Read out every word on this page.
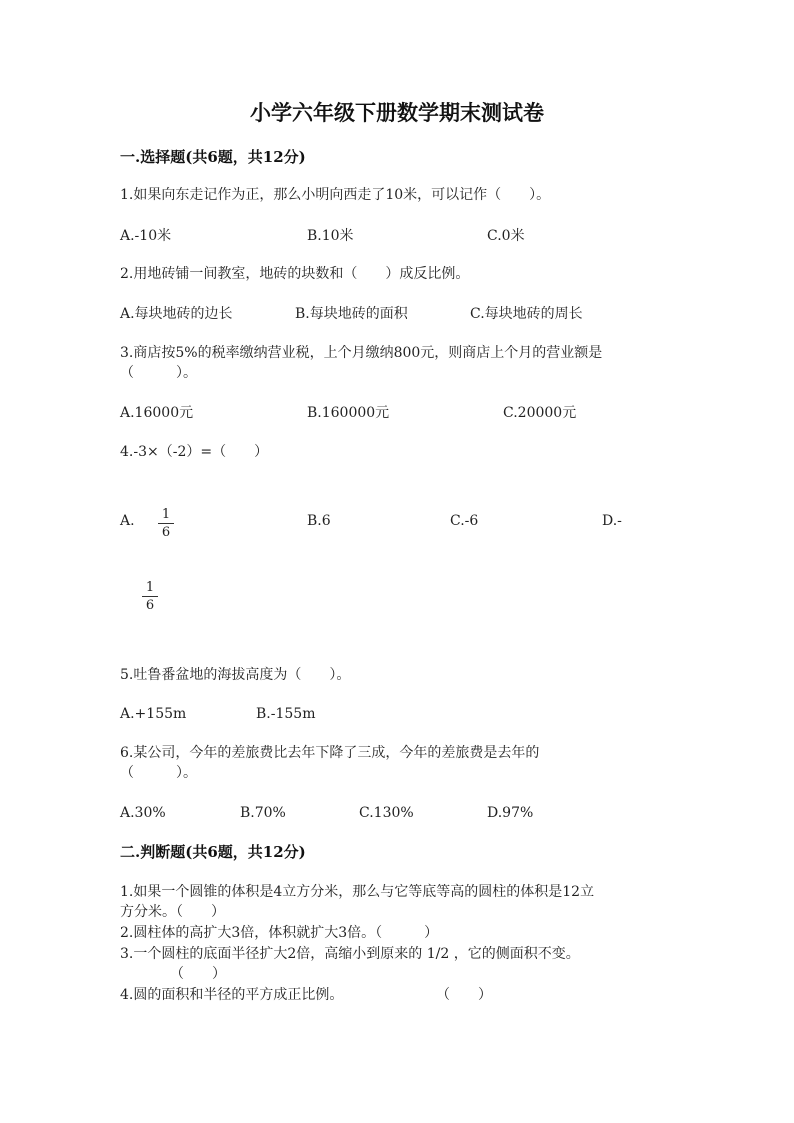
小学六年级下册数学期末测试卷
一.选择题(共6题，共12分)
1.如果向东走记作为正，那么小明向西走了10米，可以记作（　　）。
A.-10米	B.10米	C.0米
2.用地砖铺一间教室，地砖的块数和（　　）成反比例。
A.每块地砖的边长	B.每块地砖的面积	C.每块地砖的周长
3.商店按5%的税率缴纳营业税，上个月缴纳800元，则商店上个月的营业额是
（　　　）。
A.16000元	B.160000元	C.20000元
4.-3×（-2）=（　　）
A. 1
6
B.6	C.-6	D.-
1
6
5.吐鲁番盆地的海拔高度为（　　）。
A.+155m	B.-155m
6.某公司，今年的差旅费比去年下降了三成，今年的差旅费是去年的
（　　　）。
A.30%	B.70%	C.130%	D.97%
二.判断题(共6题，共12分)
1.如果一个圆锥的体积是4立方分米，那么与它等底等高的圆柱的体积是12立
方分米。（　　）
2.圆柱体的高扩大3倍，体积就扩大3倍。（　　　）
3.一个圆柱的底面半径扩大2倍，高缩小到原来的 1/2 ，它的侧面积不变。
（　　）
4.圆的面积和半径的平方成正比例。	（　　）
